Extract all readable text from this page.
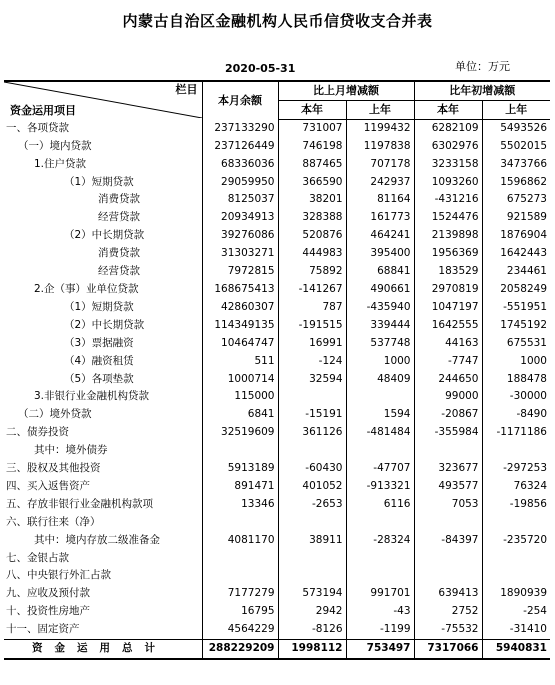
内蒙古自治区金融机构人民币信贷收支合并表
2020-05-31	单位：万元
栏目
资金运用项目	本月余额	比上月增减额		比年初增减额	
		本年	上年	本年	上年
一、各项贷款	237133290	731007	1199432	6282109	5493526
（一）境内贷款	237126449	746198	1197838	6302976	5502015
1.住户贷款	68336036	887465	707178	3233158	3473766
（1）短期贷款	29059950	366590	242937	1093260	1596862
消费贷款	8125037	38201	81164	-431216	675273
经营贷款	20934913	328388	161773	1524476	921589
（2）中长期贷款	39276086	520876	464241	2139898	1876904
消费贷款	31303271	444983	395400	1956369	1642443
经营贷款	7972815	75892	68841	183529	234461
2.企（事）业单位贷款	168675413	-141267	490661	2970819	2058249
（1）短期贷款	42860307	787	-435940	1047197	-551951
（2）中长期贷款	114349135	-191515	339444	1642555	1745192
（3）票据融资	10464747	16991	537748	44163	675531
（4）融资租赁	511	-124	1000	-7747	1000
（5）各项垫款	1000714	32594	48409	244650	188478
3.非银行业金融机构贷款	115000			99000	-30000
（二）境外贷款	6841	-15191	1594	-20867	-8490
二、债券投资	32519609	361126	-481484	-355984	-1171186
其中：境外债券					
三、股权及其他投资	5913189	-60430	-47707	323677	-297253
四、买入返售资产	891471	401052	-913321	493577	76324
五、存放非银行业金融机构款项	13346	-2653	6116	7053	-19856
六、联行往来（净）					
其中：境内存放二级准备金	4081170	38911	-28324	-84397	-235720
七、金银占款					
八、中央银行外汇占款					
九、应收及预付款	7177279	573194	991701	639413	1890939
十、投资性房地产	16795	2942	-43	2752	-254
十一、固定资产	4564229	-8126	-1199	-75532	-31410
资金运用总计	288229209	1998112	753497	7317066	5940831
